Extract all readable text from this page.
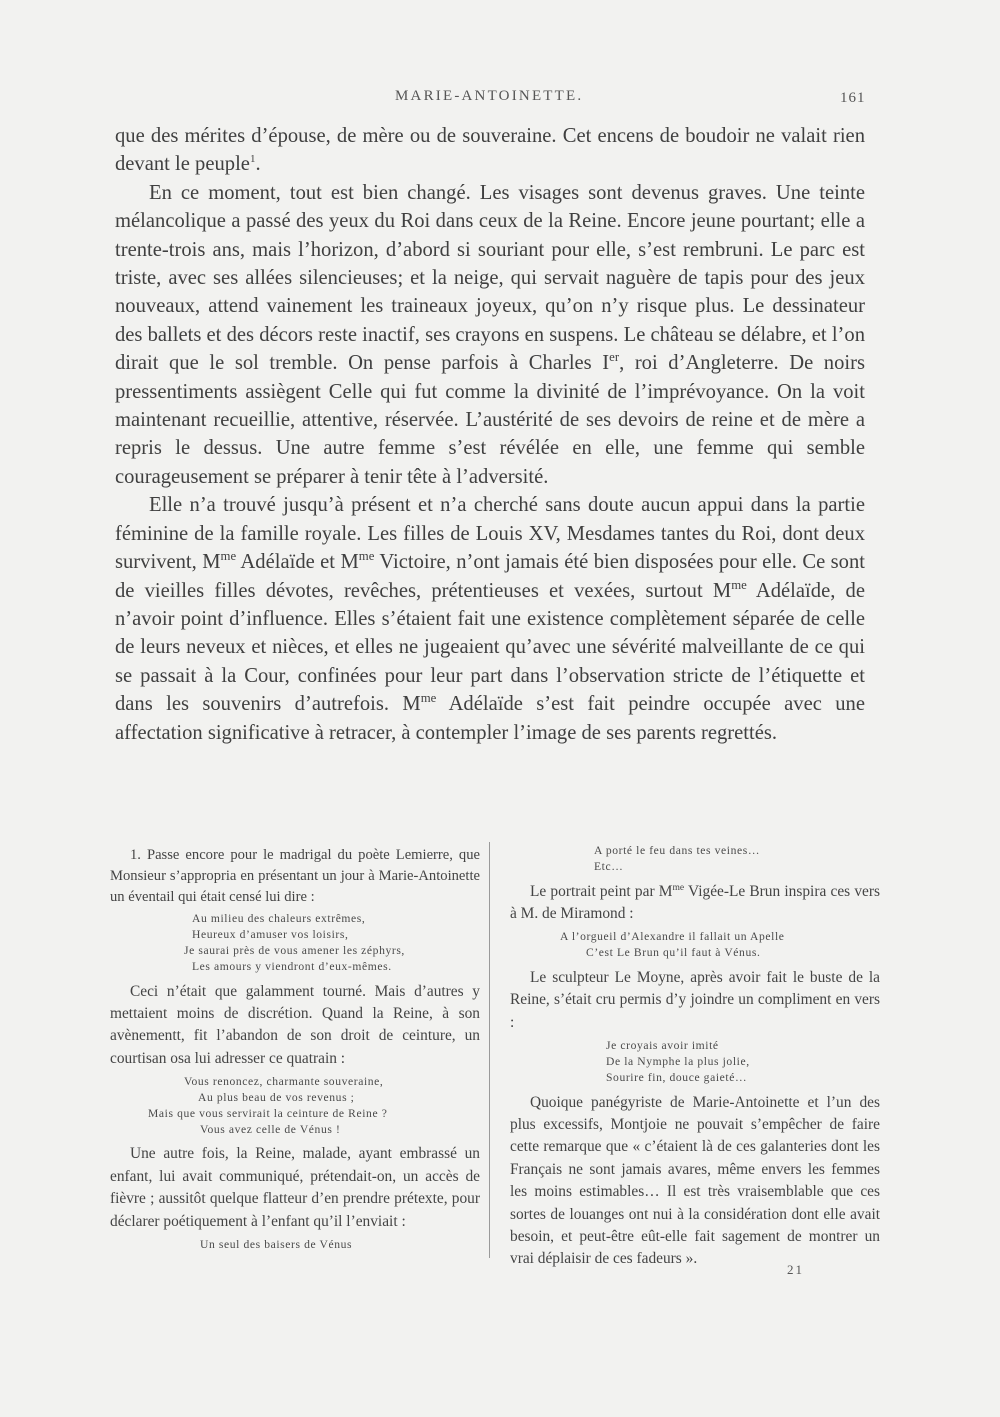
MARIE-ANTOINETTE.	161

que des mérites d’épouse, de mère ou de souveraine. Cet encens de boudoir ne valait rien devant le peuple$^1$.

En ce moment, tout est bien changé. Les visages sont devenus graves. Une teinte mélancolique a passé des yeux du Roi dans ceux de la Reine. Encore jeune pourtant; elle a trente-trois ans, mais l’horizon, d’abord si souriant pour elle, s’est rembruni. Le parc est triste, avec ses allées silencieuses; et la neige, qui servait naguère de tapis pour des jeux nouveaux, attend vainement les traineaux joyeux, qu’on n’y risque plus. Le dessinateur des ballets et des décors reste inactif, ses crayons en suspens. Le château se délabre, et l’on dirait que le sol tremble. On pense parfois à Charles Ier, roi d’Angleterre. De noirs pressentiments assiègent Celle qui fut comme la divinité de l’imprévoyance. On la voit maintenant recueillie, attentive, réservée. L’austérité de ses devoirs de reine et de mère a repris le dessus. Une autre femme s’est révélée en elle, une femme qui semble courageusement se préparer à tenir tête à l’adversité.

Elle n’a trouvé jusqu’à présent et n’a cherché sans doute aucun appui dans la partie féminine de la famille royale. Les filles de Louis XV, Mesdames tantes du Roi, dont deux survivent, $M^{me}$ Adélaïde et $M^{me}$ Victoire, n’ont jamais été bien disposées pour elle. Ce sont de vieilles filles dévotes, revêches, prétentieuses et vexées, surtout $M^{me}$ Adélaïde, de n’avoir point d’influence. Elles s’étaient fait une existence complètement séparée de celle de leurs neveux et nièces, et elles ne jugeaient qu’avec une sévérité malveillante de ce qui se passait à la Cour, confinées pour leur part dans l’observation stricte de l’étiquette et dans les souvenirs d’autrefois. $M^{me}$ Adélaïde s’est fait peindre occupée avec une affectation significative à retracer, à contempler l’image de ses parents regrettés.

1. Passe encore pour le madrigal du poète Lemierre, que Monsieur s’appropria en présentant un jour à Marie-Antoinette un éventail qui était censé lui dire :

Au milieu des chaleurs extrêmes,
Heureux d’amuser vos loisirs,
Je saurai près de vous amener les zéphyrs,
Les amours y viendront d’eux-mêmes.

Ceci n’était que galamment tourné. Mais d’autres y mettaient moins de discrétion. Quand la Reine, à son avènementt, fit l’abandon de son droit de ceinture, un courtisan osa lui adresser ce quatrain :

Vous renoncez, charmante souveraine,
Au plus beau de vos revenus ;
Mais que vous servirait la ceinture de Reine ?
Vous avez celle de Vénus !

Une autre fois, la Reine, malade, ayant embrassé un enfant, lui avait communiqué, prétendait-on, un accès de fièvre ; aussitôt quelque flatteur d’en prendre prétexte, pour déclarer poétiquement à l’enfant qu’il l’enviait :

Un seul des baisers de Vénus
A porté le feu dans tes veines…
Etc…

Le portrait peint par $M^{me}$ Vigée-Le Brun inspira ces vers à M. de Miramond :

A l’orgueil d’Alexandre il fallait un Apelle
C’est Le Brun qu’il faut à Vénus.

Le sculpteur Le Moyne, après avoir fait le buste de la Reine, s’était cru permis d’y joindre un compliment en vers :

Je croyais avoir imité
De la Nymphe la plus jolie,
Sourire fin, douce gaieté…

Quoique panégyriste de Marie-Antoinette et l’un des plus excessifs, Montjoie ne pouvait s’empêcher de faire cette remarque que « c’étaient là de ces galanteries dont les Français ne sont jamais avares, même envers les femmes les moins estimables… Il est très vraisemblable que ces sortes de louanges ont nui à la considération dont elle avait besoin, et peut-être eût-elle fait sagement de montrer un vrai déplaisir de ces fadeurs ».

21
